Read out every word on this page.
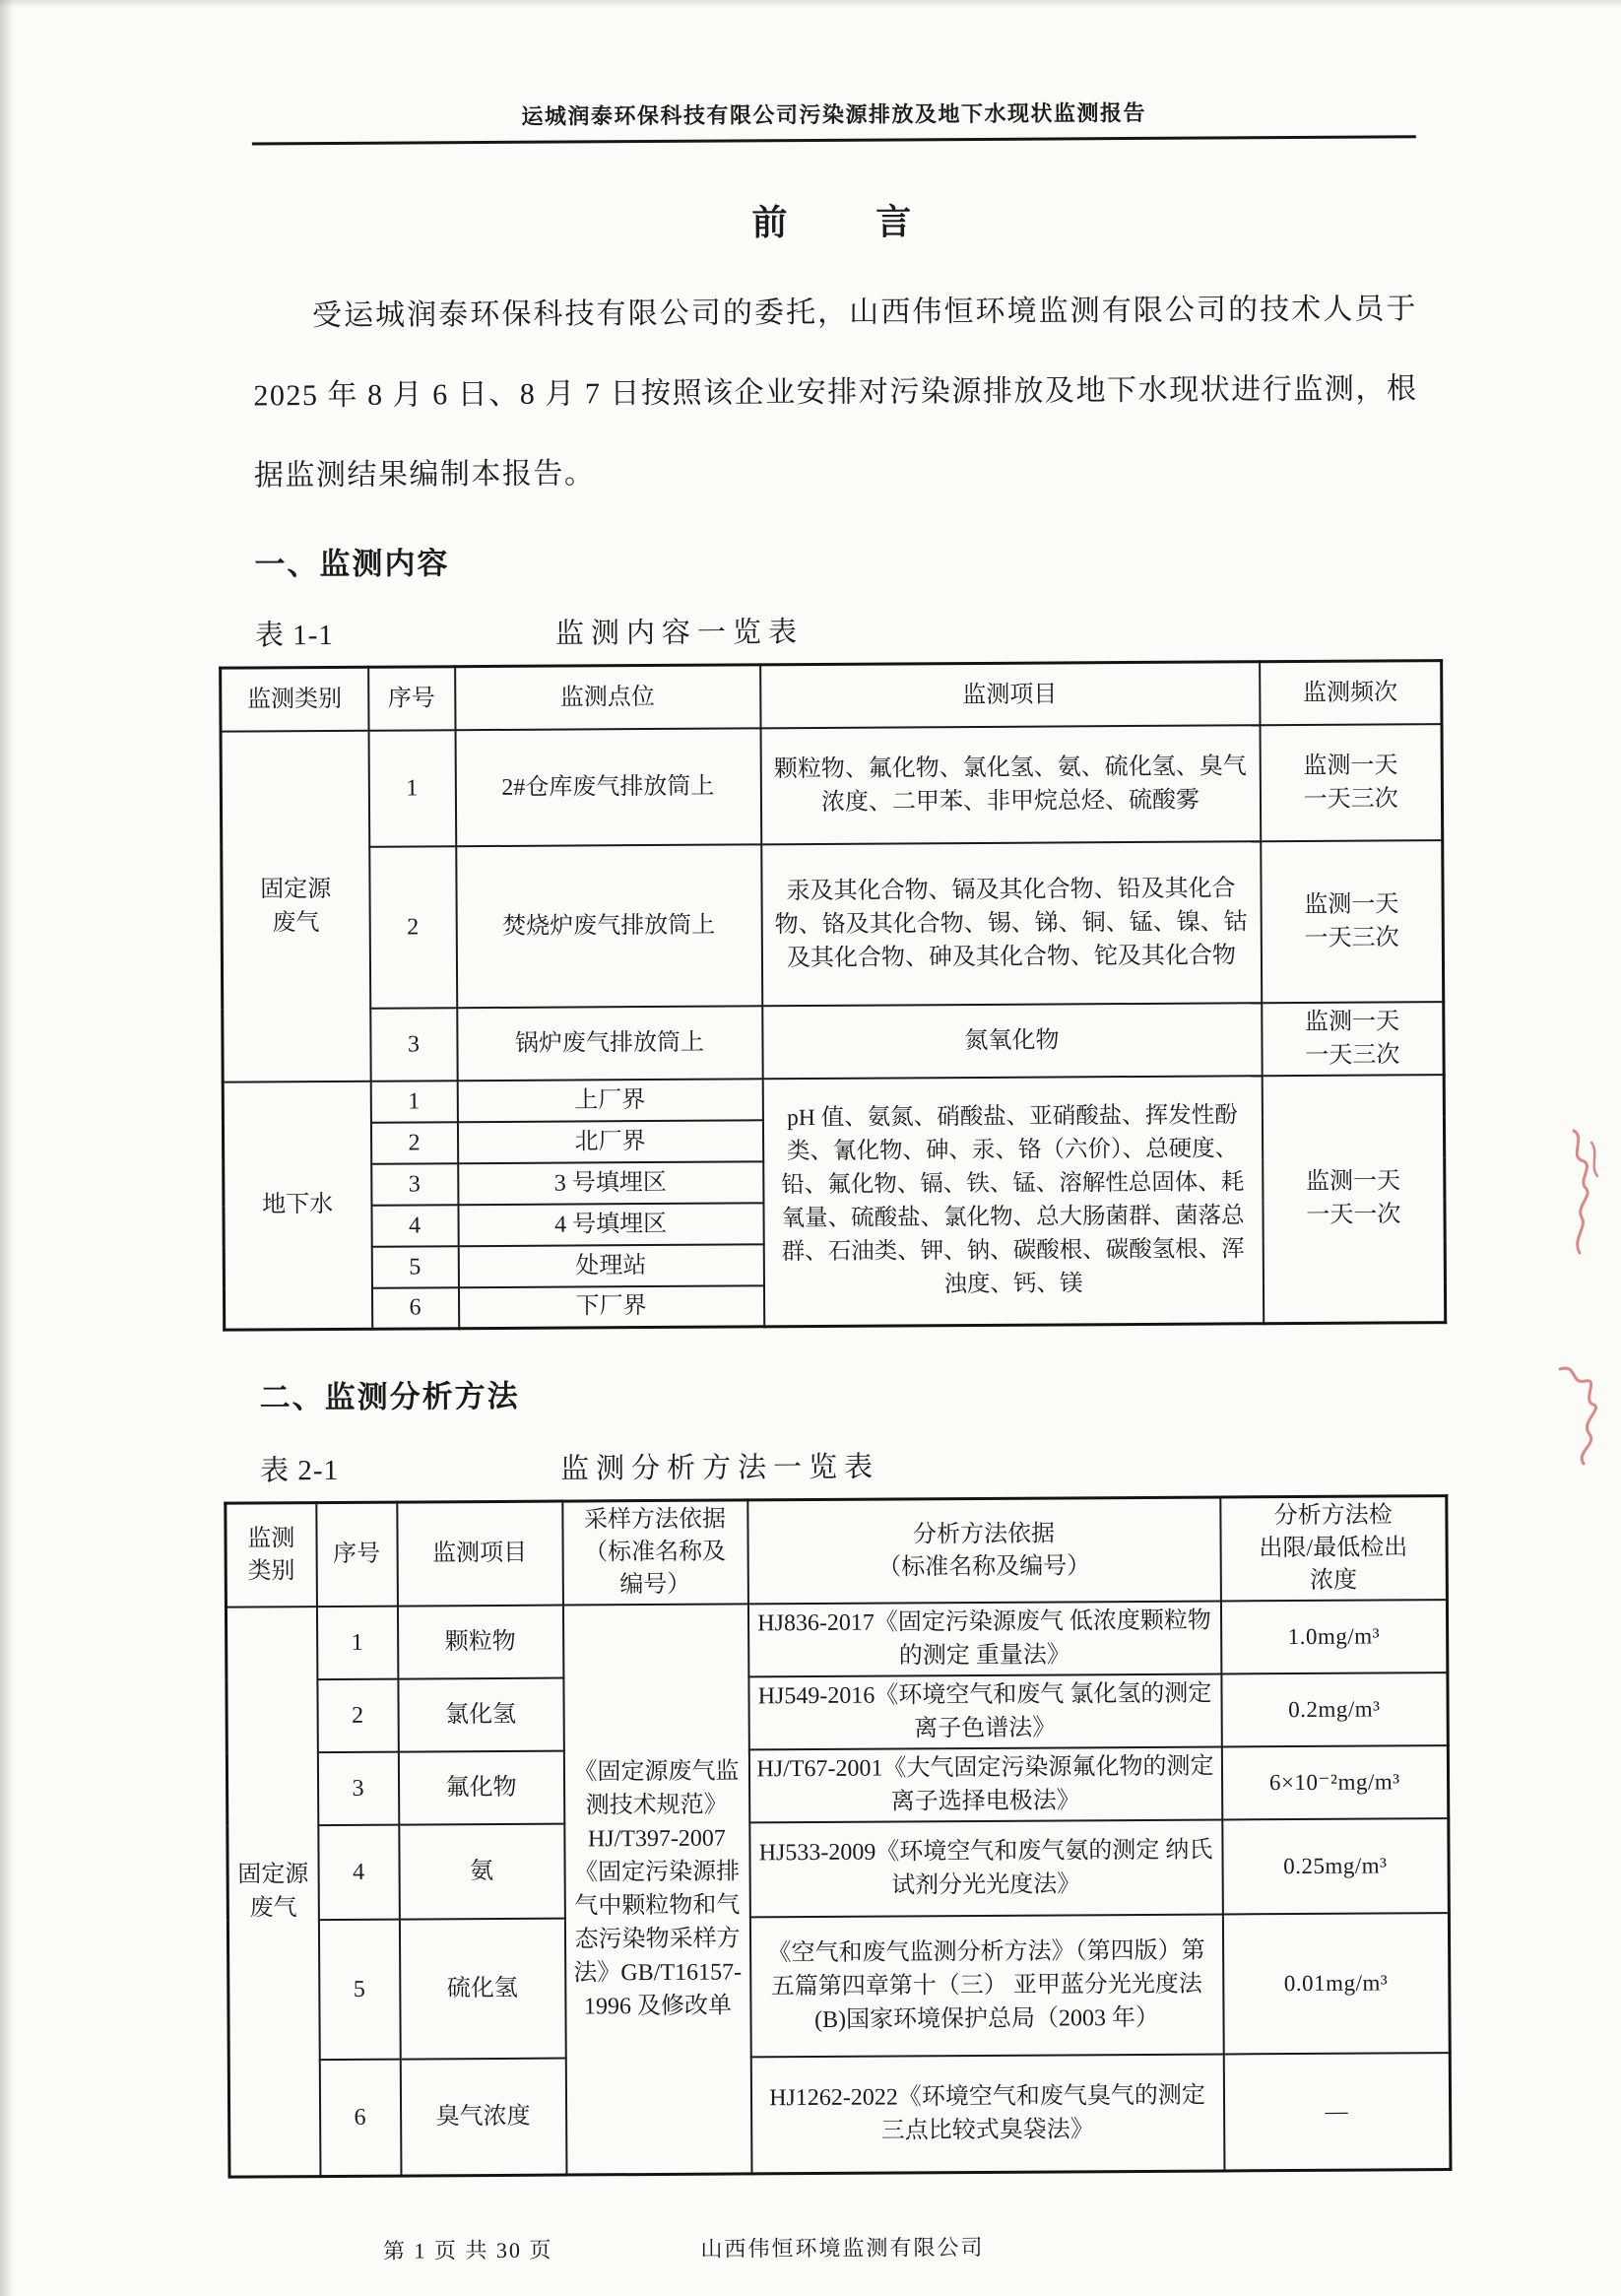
运城润泰环保科技有限公司污染源排放及地下水现状监测报告
前　　言

受运城润泰环保科技有限公司的委托，山西伟恒环境监测有限公司的技术人员于 2025 年 8 月 6 日、8 月 7 日按照该企业安排对污染源排放及地下水现状进行监测，根据监测结果编制本报告。

一、监测内容
表 1-1	监测内容一览表
监测类别	序号	监测点位	监测项目	监测频次
固定源
废气	1	2#仓库废气排放筒上	颗粒物、氟化物、氯化氢、氨、硫化氢、臭气浓度、二甲苯、非甲烷总烃、硫酸雾	监测一天
一天三次
	2	焚烧炉废气排放筒上	汞及其化合物、镉及其化合物、铅及其化合物、铬及其化合物、锡、锑、铜、锰、镍、钴及其化合物、砷及其化合物、铊及其化合物	监测一天
一天三次
	3	锅炉废气排放筒上	氮氧化物	监测一天
一天三次
地下水	1	上厂界	pH 值、氨氮、硝酸盐、亚硝酸盐、挥发性酚类、氰化物、砷、汞、铬（六价）、总硬度、铅、氟化物、镉、铁、锰、溶解性总固体、耗氧量、硫酸盐、氯化物、总大肠菌群、菌落总群、石油类、钾、钠、碳酸根、碳酸氢根、浑浊度、钙、镁	监测一天
一天一次
	2	北厂界		
	3	3 号填埋区		
	4	4 号填埋区		
	5	处理站		
	6	下厂界		
二、监测分析方法
表 2-1	监测分析方法一览表
监测
类别	序号	监测项目	采样方法依据
（标准名称及
编号）	分析方法依据
（标准名称及编号）	分析方法检
出限/最低检出
浓度
固定源
废气	1	颗粒物	《固定源废气监测技术规范》HJ/T397-2007《固定污染源排气中颗粒物和气态污染物采样方法》GB/T16157-1996 及修改单	HJ836-2017《固定污染源废气 低浓度颗粒物的测定 重量法》	1.0mg/m³
	2	氯化氢		HJ549-2016《环境空气和废气 氯化氢的测定 离子色谱法》	0.2mg/m³
	3	氟化物		HJ/T67-2001《大气固定污染源氟化物的测定 离子选择电极法》	6×10⁻²mg/m³
	4	氨		HJ533-2009《环境空气和废气氨的测定 纳氏试剂分光光度法》	0.25mg/m³
	5	硫化氢		《空气和废气监测分析方法》（第四版）第五篇第四章第十（三） 亚甲蓝分光光度法(B)国家环境保护总局（2003 年）	0.01mg/m³
	6	臭气浓度		HJ1262-2022《环境空气和废气臭气的测定 三点比较式臭袋法》	—
第 1 页 共 30 页	山西伟恒环境监测有限公司
